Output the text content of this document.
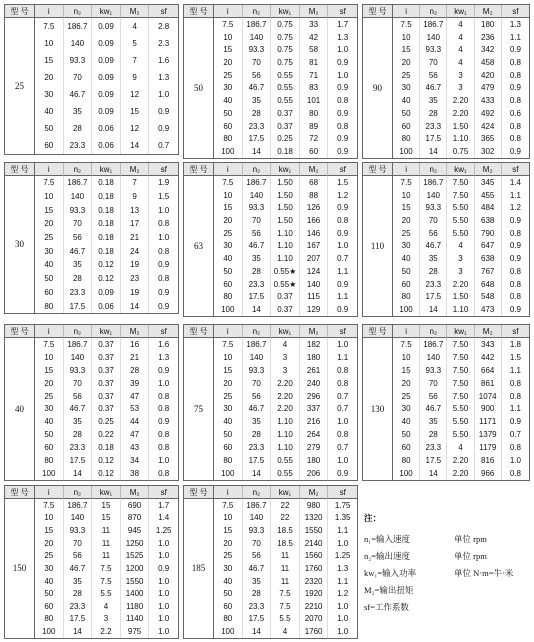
型 号	i	n₂	kw₁	M₂	sf
25
7.5	186.7	0.09	4	2.8
10	140	0.09	5	2.3
15	93.3	0.09	7	1.6
20	70	0.09	9	1.3
30	46.7	0.09	12	1.0
40	35	0.09	15	0.9
50	28	0.06	12	0.9
60	23.3	0.06	14	0.7
型 号	i	n₂	kw₁	M₂	sf
50
7.5	186.7	0.75	33	1.7
10	140	0.75	42	1.3
15	93.3	0.75	58	1.0
20	70	0.75	81	0.9
25	56	0.55	71	1.0
30	46.7	0.55	83	0.9
40	35	0.55	101	0.8
50	28	0.37	80	0.9
60	23.3	0.37	89	0.8
80	17.5	0.25	72	0.9
100	14	0.18	60	0.9
型 号	i	n₂	kw₁	M₂	sf
90
7.5	186.7	4	180	1.3
10	140	4	236	1.1
15	93.3	4	342	0.9
20	70	4	458	0.8
25	56	3	420	0.8
30	46.7	3	479	0.9
40	35	2.20	433	0.8
50	28	2.20	492	0.6
60	23.3	1.50	424	0.8
80	17.5	1.10	365	0.8
100	14	0.75	302	0.9
型 号	i	n₂	kw₁	M₂	sf
30
7.5	186.7	0.18	7	1.9
10	140	0.18	9	1.5
15	93.3	0.18	13	1.0
20	70	0.18	17	0.8
25	56	0.18	21	1.0
30	46.7	0.18	24	0.8
40	35	0.12	19	0.9
50	28	0.12	23	0.8
60	23.3	0.09	19	0.9
80	17.5	0.06	14	0.9
型 号	i	n₂	kw₁	M₂	sf
63
7.5	186.7	1.50	68	1.5
10	140	1.50	88	1.2
15	93.3	1.50	126	0.9
20	70	1.50	166	0.8
25	56	1.10	146	0.9
30	46.7	1.10	167	1.0
40	35	1.10	207	0.7
50	28	0.55★	124	1.1
60	23.3	0.55★	140	0.9
80	17.5	0.37	115	1.1
100	14	0.37	129	0.9
型 号	i	n₂	kw₁	M₂	sf
110
7.5	186.7	7.50	345	1.4
10	140	7.50	455	1.1
15	93.3	5.50	484	1.2
20	70	5.50	638	0.9
25	56	5.50	790	0.8
30	46.7	4	647	0.9
40	35	3	638	0.9
50	28	3	767	0.8
60	23.3	2.20	648	0.8
80	17.5	1.50	548	0.8
100	14	1.10	473	0.9
型 号	i	n₂	kw₁	M₂	sf
40
7.5	186.7	0.37	16	1.6
10	140	0.37	21	1.3
15	93.3	0.37	28	0.9
20	70	0.37	39	1.0
25	56	0.37	47	0.8
30	46.7	0.37	53	0.8
40	35	0.25	44	0.9
50	28	0.22	47	0.8
60	23.3	0.18	43	0.8
80	17.5	0.12	34	1.0
100	14	0.12	38	0.8
型 号	i	n₂	kw₁	M₂	sf
75
7.5	186.7	4	182	1.0
10	140	3	180	1.1
15	93.3	3	261	0.8
20	70	2.20	240	0.8
25	56	2.20	296	0.7
30	46.7	2.20	337	0.7
40	35	1.10	216	1.0
50	28	1.10	264	0.8
60	23.3	1.10	279	0.7
80	17.5	0.55	180	1.0
100	14	0.55	206	0.9
型 号	i	n₂	kw₁	M₂	sf
130
7.5	186.7	7.50	343	1.8
10	140	7.50	442	1.5
15	93.3	7.50	664	1.1
20	70	7.50	861	0.8
25	56	7.50	1074	0.8
30	46.7	5.50	900	1.1
40	35	5.50	1171	0.9
50	28	5.50	1379	0.7
60	23.3	4	1179	0.8
80	17.5	2.20	816	1.0
100	14	2.20	966	0.8
型 号	i	n₂	kw₁	M₂	sf
150
7.5	186.7	15	690	1.7
10	140	15	870	1.4
15	93.3	11	945	1.25
20	70	11	1250	1.0
25	56	11	1525	1.0
30	46.7	7.5	1200	0.9
40	35	7.5	1550	1.0
50	28	5.5	1400	1.0
60	23.3	4	1180	1.0
80	17.5	3	1140	1.0
100	14	2.2	975	1.0
型 号	i	n₂	kw₁	M₂	sf
185
7.5	186.7	22	980	1.75
10	140	22	1320	1.35
15	93.3	18.5	1550	1.1
20	70	18.5	2140	1.0
25	56	11	1560	1.25
30	46.7	11	1760	1.3
40	35	11	2320	1.1
50	28	7.5	1920	1.2
60	23.3	7.5	2210	1.0
80	17.5	5.5	2070	1.0
100	14	4	1760	1.0
注：
n₁=输入速度	单位 rpm
n₂=输出速度	单位 rpm
kw₁=输入功率	单位 N·m=牛·米
M₂=输出扭矩
sf=工作系数
